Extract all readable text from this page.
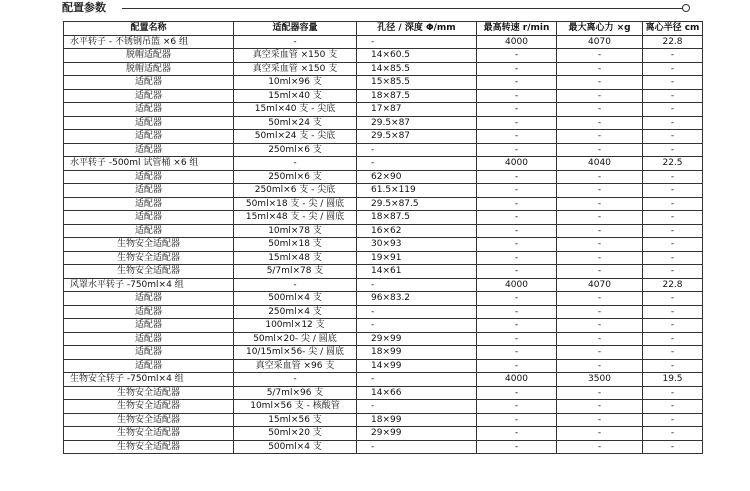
配置参数
配置名称	适配器容量	孔径 / 深度 Φ/mm	最高转速 r/min	最大离心力 ×g	离心半径 cm
水平转子 - 不锈钢吊篮 ×6 组	-	-	4000	4070	22.8
脱帽适配器	真空采血管 ×150 支	14×60.5	-	-	-
脱帽适配器	真空采血管 ×150 支	14×85.5	-	-	-
适配器	10ml×96 支	15×85.5	-	-	-
适配器	15ml×40 支	18×87.5	-	-	-
适配器	15ml×40 支 - 尖底	17×87	-	-	-
适配器	50ml×24 支	29.5×87	-	-	-
适配器	50ml×24 支 - 尖底	29.5×87	-	-	-
适配器	250ml×6 支	-	-	-	-
水平转子 -500ml 试管桶 ×6 组	-	-	4000	4040	22.5
适配器	250ml×6 支	62×90	-	-	-
适配器	250ml×6 支 - 尖底	61.5×119	-	-	-
适配器	50ml×18 支 - 尖 / 圆底	29.5×87.5	-	-	-
适配器	15ml×48 支 - 尖 / 圆底	18×87.5	-	-	-
适配器	10ml×78 支	16×62	-	-	-
生物安全适配器	50ml×18 支	30×93	-	-	-
生物安全适配器	15ml×48 支	19×91	-	-	-
生物安全适配器	5/7ml×78 支	14×61	-	-	-
风罩水平转子 -750ml×4 组	-	-	4000	4070	22.8
适配器	500ml×4 支	96×83.2	-	-	-
适配器	250ml×4 支	-	-	-	-
适配器	100ml×12 支	-	-	-	-
适配器	50ml×20- 尖 / 圆底	29×99	-	-	-
适配器	10/15ml×56- 尖 / 圆底	18×99	-	-	-
适配器	真空采血管 ×96 支	14×99	-	-	-
生物安全转子 -750ml×4 组	-	-	4000	3500	19.5
生物安全适配器	5/7ml×96 支	14×66	-	-	-
生物安全适配器	10ml×56 支 - 核酸管	-	-	-	-
生物安全适配器	15ml×56 支	18×99	-	-	-
生物安全适配器	50ml×20 支	29×99	-	-	-
生物安全适配器	500ml×4 支	-	-	-	-
